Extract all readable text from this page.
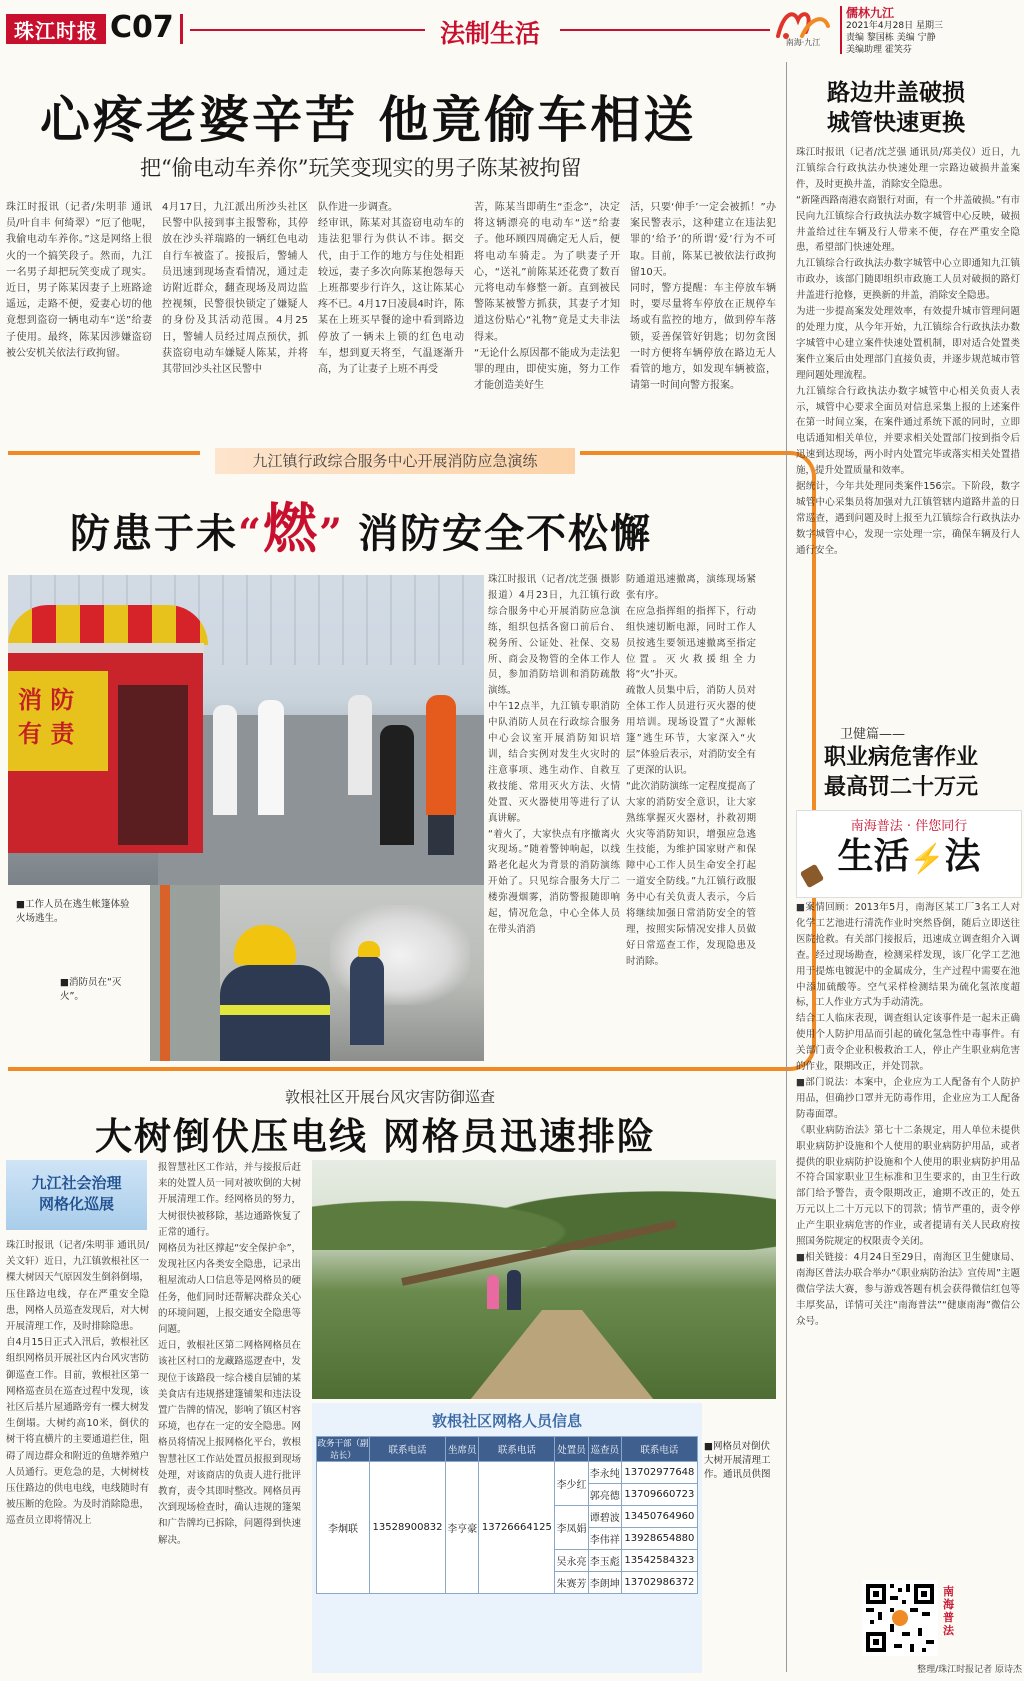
珠江时报 C07	法制生活	南海·九江
儒林九江
2021年4月28日 星期三
责编 黎国栋 美编 宁静
美编助理 霍笑芬
心疼老婆辛苦 他竟偷车相送
把“偷电动车养你”玩笑变现实的男子陈某被拘留
珠江时报讯（记者/朱明菲 通讯员/叶自丰 何绮翠）“厄了他呢，我偷电动车养你。”这是网络上很火的一个搞笑段子。然而，九江一名男子却把玩笑变成了现实。近日，男子陈某因妻子上班路途遥远，走路不便，爱妻心切的他竟想到盗窃一辆电动车“送”给妻子使用。最终，陈某因涉嫌盗窃被公安机关依法行政拘留。
4月17日，九江派出所沙头社区民警中队接到事主报警称，其停放在沙头祥瑞路的一辆红色电动自行车被盗了。接报后，警辅人员迅速到现场查看情况，通过走访附近群众，翻查现场及周边监控视频，民警很快锁定了嫌疑人的身份及其活动范围。4月25日，警辅人员经过周点预伏，抓获盗窃电动车嫌疑人陈某，并将其带回沙头社区民警中
队作进一步调查。
经审讯，陈某对其盗窃电动车的违法犯罪行为供认不讳。据交代，由于工作的地方与住处相距较远，妻子多次向陈某抱怨每天上班都要步行许久，这让陈某心疼不已。4月17日凌晨4时许，陈某在上班买早餐的途中看到路边停放了一辆未上锁的红色电动车，想到夏天将至，气温逐渐升高，为了让妻子上班不再受
苦，陈某当即萌生“歪念”，决定将这辆漂亮的电动车“送”给妻子。他环顾四周确定无人后，便将电动车骑走。为了哄妻子开心，“送礼”前陈某还花费了数百元将电动车修整一新。直到被民警陈某被警方抓获，其妻子才知道这份贴心“礼物”竟是丈夫非法得来。
“无论什么原因都不能成为走法犯罪的理由，即使实施，努力工作才能创造美好生
活，只要‘伸手’一定会被抓！”办案民警表示，这种建立在违法犯罪的‘给予’的所谓‘爱’行为不可取。目前，陈某已被依法行政拘留10天。
同时，警方提醒：车主停放车辆时，要尽量将车停放在正规停车场或有监控的地方，做到停车落锁，妥善保管好钥匙；切勿贪图一时方便将车辆停放在路边无人看管的地方，如发现车辆被盗，请第一时间向警方报案。
九江镇行政综合服务中心开展消防应急演练
防患于未“燃” 消防安全不松懈
消 防
有 责
■工作人员在逃生帐篷体验火场逃生。
■消防员在“灭火”。
珠江时报讯（记者/沈芝强 摄影报道）4月23日，九江镇行政综合服务中心开展消防应急演练，组织包括各窗口前后台、税务所、公证处、社保、交易所、商会及物管的全体工作人员，参加消防培训和消防疏散演练。
中午12点半，九江镇专职消防中队消防人员在行政综合服务中心会议室开展消防知识培训，结合实例对发生火灾时的注意事项、逃生动作、自救互救技能、常用灭火方法、火情处置、灭火器使用等进行了认真讲解。
“着火了，大家快点有序撤离火灾现场。”随着警钟响起，以线路老化起火为背景的消防演练开始了。只见综合服务大厅二楼弥漫烟雾，消防警报随即响起，情况危急，中心全体人员在带头消消
防通道迅速撤离，演练现场紧张有序。
在应急指挥组的指挥下，行动组快速切断电源，同时工作人员按逃生要领迅速撤离至指定位置。灭火救援组全力将“火”扑灭。
疏散人员集中后，消防人员对全体工作人员进行灭火器的使用培训。现场设置了“火源帐篷”逃生环节，大家深入“火层”体验后表示，对消防安全有了更深的认识。
“此次消防演练一定程度提高了大家的消防安全意识，让大家熟练掌握灭火器材，扑救初期火灾等消防知识，增强应急逃生技能，为维护国家财产和保障中心工作人员生命安全打起一道安全防线。”九江镇行政服务中心有关负责人表示，今后将继续加强日常消防安全的管理，按照实际情况安排人员做好日常巡查工作，发现隐患及时消除。
敦根社区开展台风灾害防御巡查
大树倒伏压电线 网格员迅速排险
九江社会治理
网格化巡展
珠江时报讯（记者/朱明菲 通讯员/关文轩）近日，九江镇敦根社区一棵大树因天气原因发生倒斜倒塌，压住路边电线，存在严重安全隐患，网格人员巡查发现后，对大树开展清理工作，及时排除隐患。
自4月15日正式入汛后，敦根社区组织网格员开展社区内台风灾害防御巡查工作。目前，敦根社区第一网格巡查员在巡查过程中发现，该社区后基片屋通路旁有一棵大树发生倒塌。大树约高10米，倒伏的树干将直横片的主要通道拦住，阻碍了周边群众和附近的鱼塘养殖户人员通行。更危急的是，大树树枝压住路边的供电电线，电线随时有被压断的危险。为及时消除隐患，巡查员立即将情况上
报智慧社区工作站，并与接报后赶来的处置人员一同对被吹倒的大树开展清理工作。经网格员的努力，大树很快被移除，基边通路恢复了正常的通行。
网格员为社区撑起“安全保护伞”，发现社区内各类安全隐患，记录出租屋流动人口信息等是网格员的硬任务，他们同时还帮解决群众关心的环境问题，上报交通安全隐患等问题。
近日，敦根社区第二网格网格员在该社区村口的龙藏路巡逻查中，发现位于该路段一综合楼自层铺的某美食店有违规搭建篷铺架和违法设置广告牌的情况，影响了镇区村容环境，也存在一定的安全隐患。网格员将情况上报网格化平台，敦根智慧社区工作站处置员报报到现场处理，对该商店的负责人进行批评教育，责令其即时整改。网格员再次到现场检查时，确认违规的篷架和广告牌均已拆除，问题得到快速解决。
■网格员对倒伏大树开展清理工作。通讯员供图
敦根社区网格人员信息
政务干部（副站长）	联系电话	坐席员	联系电话	处置员	巡查员	联系电话
李炯联	13528900832	李亨豪	13726664125	李少红	李永纯	13702977648
					郭亮德	13709660723
				李凤娟	谭碧波	13450764960
					李伟祥	13928654880
				吴永亮	李玉彪	13542584323
				朱赛芳	李朗坤	13702986372
路边井盖破损
城管快速更换
珠江时报讯（记者/沈芝强 通讯员/郑美仪）近日，九江镇综合行政执法办快速处理一宗路边破损井盖案件，及时更换井盖，消除安全隐患。
“新隆西路南港农商银行对面，有一个井盖破损。”有市民向九江镇综合行政执法办数字城管中心反映，破损井盖给过往车辆及行人带来不便，存在严重安全隐患，希望部门快速处理。
九江镇综合行政执法办数字城管中心立即通知九江镇市政办，该部门随即组织市政施工人员对破损的路灯井盖进行抢修，更换新的井盖，消除安全隐患。
为进一步提高案发处理效率，有效提升城市管理问题的处理力度，从今年开始，九江镇综合行政执法办数字城管中心建立案件快速处置机制，即对适合处置类案件立案后由处理部门直接负责，并逐步规范城市管理问题处理流程。
九江镇综合行政执法办数字城管中心相关负责人表示，城管中心要求全面员对信息采集上报的上述案件在第一时间立案，在案件通过系统下派的同时，立即电话通知相关单位，并要求相关处置部门按到指令后迅速到达现场，两小时内处置完毕或落实相关处置措施，提升处置质量和效率。
据统计，今年共处理同类案件156宗。下阶段，数字城管中心采集员将加强对九江镇管辖内道路井盖的日常巡查，遇到问题及时上报至九江镇综合行政执法办数字城管中心，发现一宗处理一宗，确保车辆及行人通行安全。
卫健篇——
职业病危害作业
最高罚二十万元
南海普法 · 伴您同行
生活⚡法
■案情回顾：2013年5月，南海区某工厂3名工人对化学工艺池进行清洗作业时突然昏倒，随后立即送往医院抢救。有关部门接报后，迅速成立调查组介入调查。经过现场勘查，检测采样发现，该厂化学工艺池用于提炼电镀泥中的金属成分，生产过程中需要在池中添加硫酸等。空气采样检测结果为硫化氢浓度超标，工人作业方式为手动清洗。
结合工人临床表现，调查组认定该事件是一起未正确使用个人防护用品而引起的硫化氢急性中毒事件。有关部门责令企业积极救治工人，停止产生职业病危害的作业，限期改正，并处罚款。
■部门说法：本案中，企业应为工人配备有个人防护用品，但确抄口罩并无防毒作用，企业应为工人配备防毒面罩。
《职业病防治法》第七十二条规定，用人单位未提供职业病防护设施和个人使用的职业病防护用品，或者提供的职业病防护设施和个人使用的职业病防护用品不符合国家职业卫生标准和卫生要求的，由卫生行政部门给予警告，责令限期改正，逾期不改正的，处五万元以上二十万元以下的罚款；情节严重的，责令停止产生职业病危害的作业，或者提请有关人民政府按照国务院规定的权限责令关闭。
■相关链接：4月24日至29日，南海区卫生健康局、南海区普法办联合举办“《职业病防治法》宣传周”主题微信学法大赛，参与游戏答题有机会获得微信红包等丰厚奖品，详情可关注“南海普法”“健康南海”微信公众号。
南海普法
整理/珠江时报记者 原诗杰
